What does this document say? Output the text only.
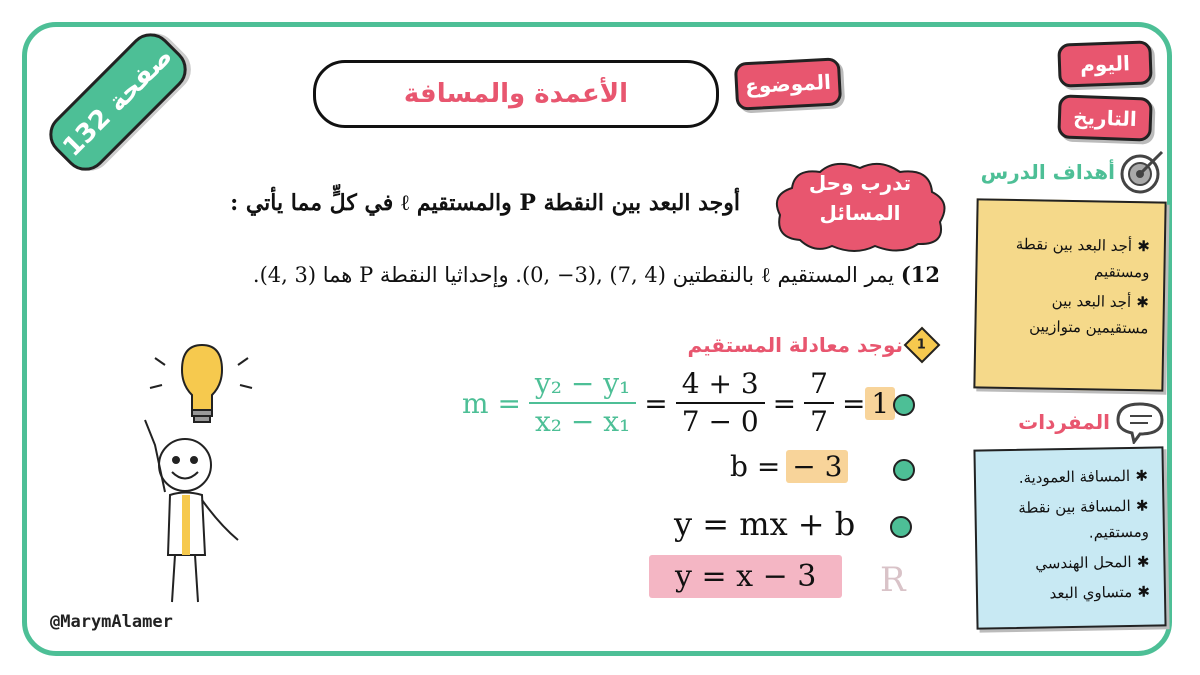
صفحة 132	الأعمدة والمسافة	الموضوع
اليوم
التاريخ
تدرب وحل المسائل
أوجد البعد بين النقطة P والمستقيم ℓ في كلٍّ مما يأتي :
12) يمر المستقيم ℓ بالنقطتين (4 ,7) ,(3− ,0). وإحداثيا النقطة P هما (3 ,4).
1
نوجد معادلة المستقيم
$m = \frac{\text{y₂ − y₁}}{\text{x₂ − x₁}} = \frac{4 + 3}{7 - 0} = \frac{7}{7} = 1$
b = − 3
y = mx + b
y = x − 3
أهداف الدرس
✱ أجد البعد بين نقطة ومستقيم
✱ أجد البعد بين مستقيمين متوازيين
المفردات
✱ المسافة العمودية.
✱ المسافة بين نقطة ومستقيم.
✱ المحل الهندسي
✱ متساوي البعد
R
@MarymAlamer
